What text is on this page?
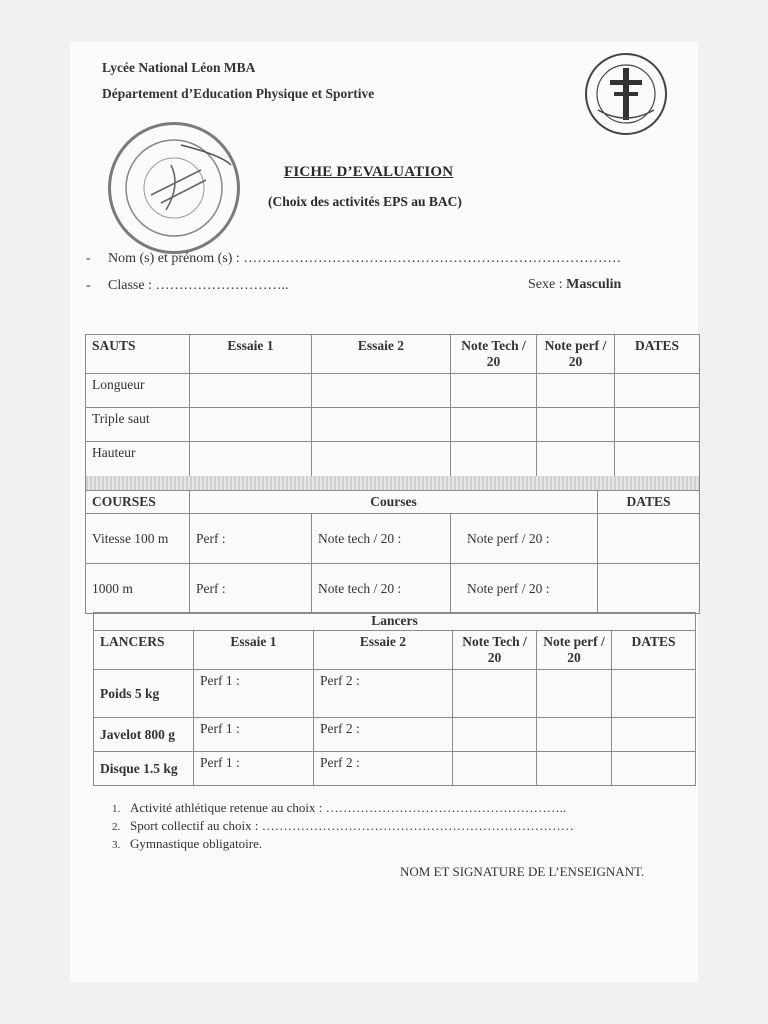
Lycée National Léon MBA
Département d’Education Physique et Sportive
FICHE D’EVALUATION
(Choix des activités EPS au BAC)
- Nom (s) et prénom (s) : ………………………………………………………………………
- Classe : ………………………..	Sexe : Masculin
SAUTS	Essaie 1	Essaie 2	Note Tech / 20	Note perf / 20	DATES
Longueur					
Triple saut					
Hauteur					
COURSES	Courses			DATES
Vitesse 100 m	Perf :	Note tech / 20 :	Note perf / 20 :	
1000 m	Perf :	Note tech / 20 :	Note perf / 20 :	
Lancers					
LANCERS	Essaie 1	Essaie 2	Note Tech / 20	Note perf / 20	DATES
Poids 5 kg	Perf 1 :	Perf 2 :			
Javelot 800 g	Perf 1 :	Perf 2 :			
Disque 1.5 kg	Perf 1 :	Perf 2 :			
1. Activité athlétique retenue au choix : ………………………………………………..
2. Sport collectif au choix : ………………………………………………………………
3. Gymnastique obligatoire.
NOM ET SIGNATURE DE L’ENSEIGNANT.
